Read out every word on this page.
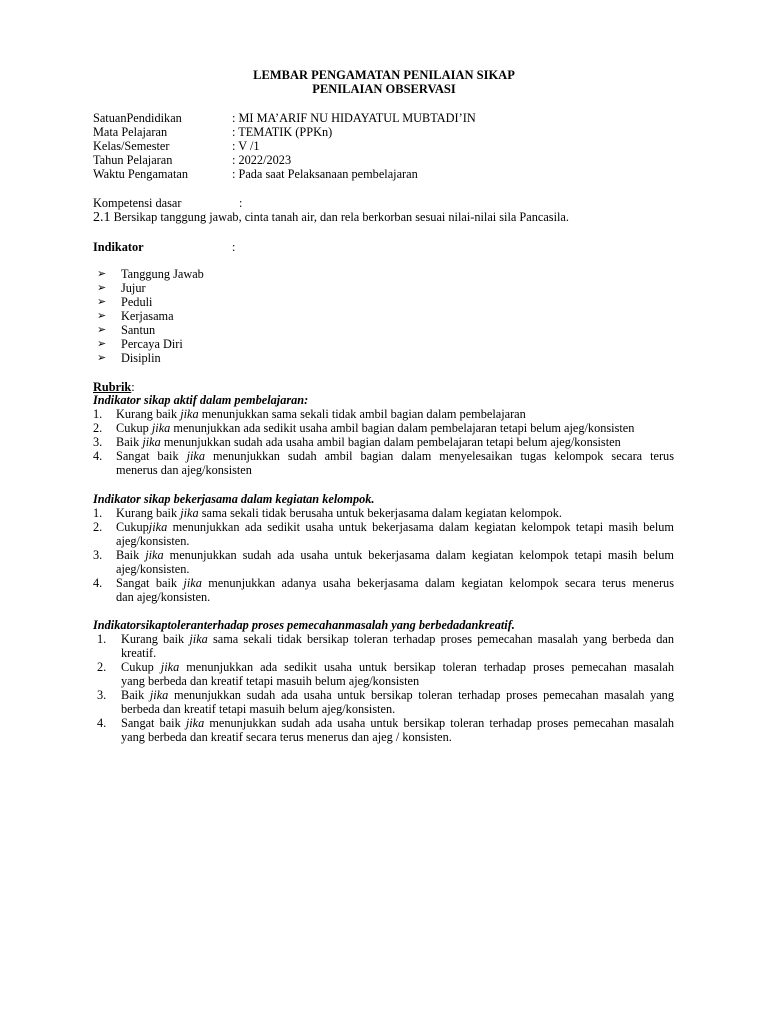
LEMBAR PENGAMATAN PENILAIAN SIKAP
PENILAIAN OBSERVASI
SatuanPendidikan	: MI MA’ARIF NU HIDAYATUL MUBTADI’IN
Mata Pelajaran	: TEMATIK (PPKn)
Kelas/Semester	: V /1
Tahun Pelajaran	: 2022/2023
Waktu Pengamatan	: Pada saat Pelaksanaan pembelajaran
Kompetensi dasar	:
2.1 Bersikap tanggung jawab, cinta tanah air, dan rela berkorban sesuai nilai-nilai sila Pancasila.
Indikator	:
➢ Tanggung Jawab
➢ Jujur
➢ Peduli
➢ Kerjasama
➢ Santun
➢ Percaya Diri
➢ Disiplin
Rubrik:
Indikator sikap aktif dalam pembelajaran:
1. Kurang baik jika menunjukkan sama sekali tidak ambil bagian dalam pembelajaran
2. Cukup jika menunjukkan ada sedikit usaha ambil bagian dalam pembelajaran tetapi belum ajeg/konsisten
3. Baik jika menunjukkan sudah ada usaha ambil bagian dalam pembelajaran tetapi belum ajeg/konsisten
4. Sangat baik jika menunjukkan sudah ambil bagian dalam menyelesaikan tugas kelompok secara terus
menerus dan ajeg/konsisten
Indikator sikap bekerjasama dalam kegiatan kelompok.
1. Kurang baik jika sama sekali tidak berusaha untuk bekerjasama dalam kegiatan kelompok.
2. Cukupjika menunjukkan ada sedikit usaha untuk bekerjasama dalam kegiatan kelompok tetapi masih belum
ajeg/konsisten.
3. Baik jika menunjukkan sudah ada usaha untuk bekerjasama dalam kegiatan kelompok tetapi masih belum
ajeg/konsisten.
4. Sangat baik jika menunjukkan adanya usaha bekerjasama dalam kegiatan kelompok secara terus menerus
dan ajeg/konsisten.
Indikatorsikaptoleranterhadap proses pemecahanmasalah yang berbedadankreatif.
1. Kurang baik jika sama sekali tidak bersikap toleran terhadap proses pemecahan masalah yang berbeda dan
kreatif.
2. Cukup jika menunjukkan ada sedikit usaha untuk bersikap toleran terhadap proses pemecahan masalah
yang berbeda dan kreatif tetapi masuih belum ajeg/konsisten
3. Baik jika menunjukkan sudah ada usaha untuk bersikap toleran terhadap proses pemecahan masalah yang
berbeda dan kreatif tetapi masuih belum ajeg/konsisten.
4. Sangat baik jika menunjukkan sudah ada usaha untuk bersikap toleran terhadap proses pemecahan masalah
yang berbeda dan kreatif secara terus menerus dan ajeg / konsisten.
